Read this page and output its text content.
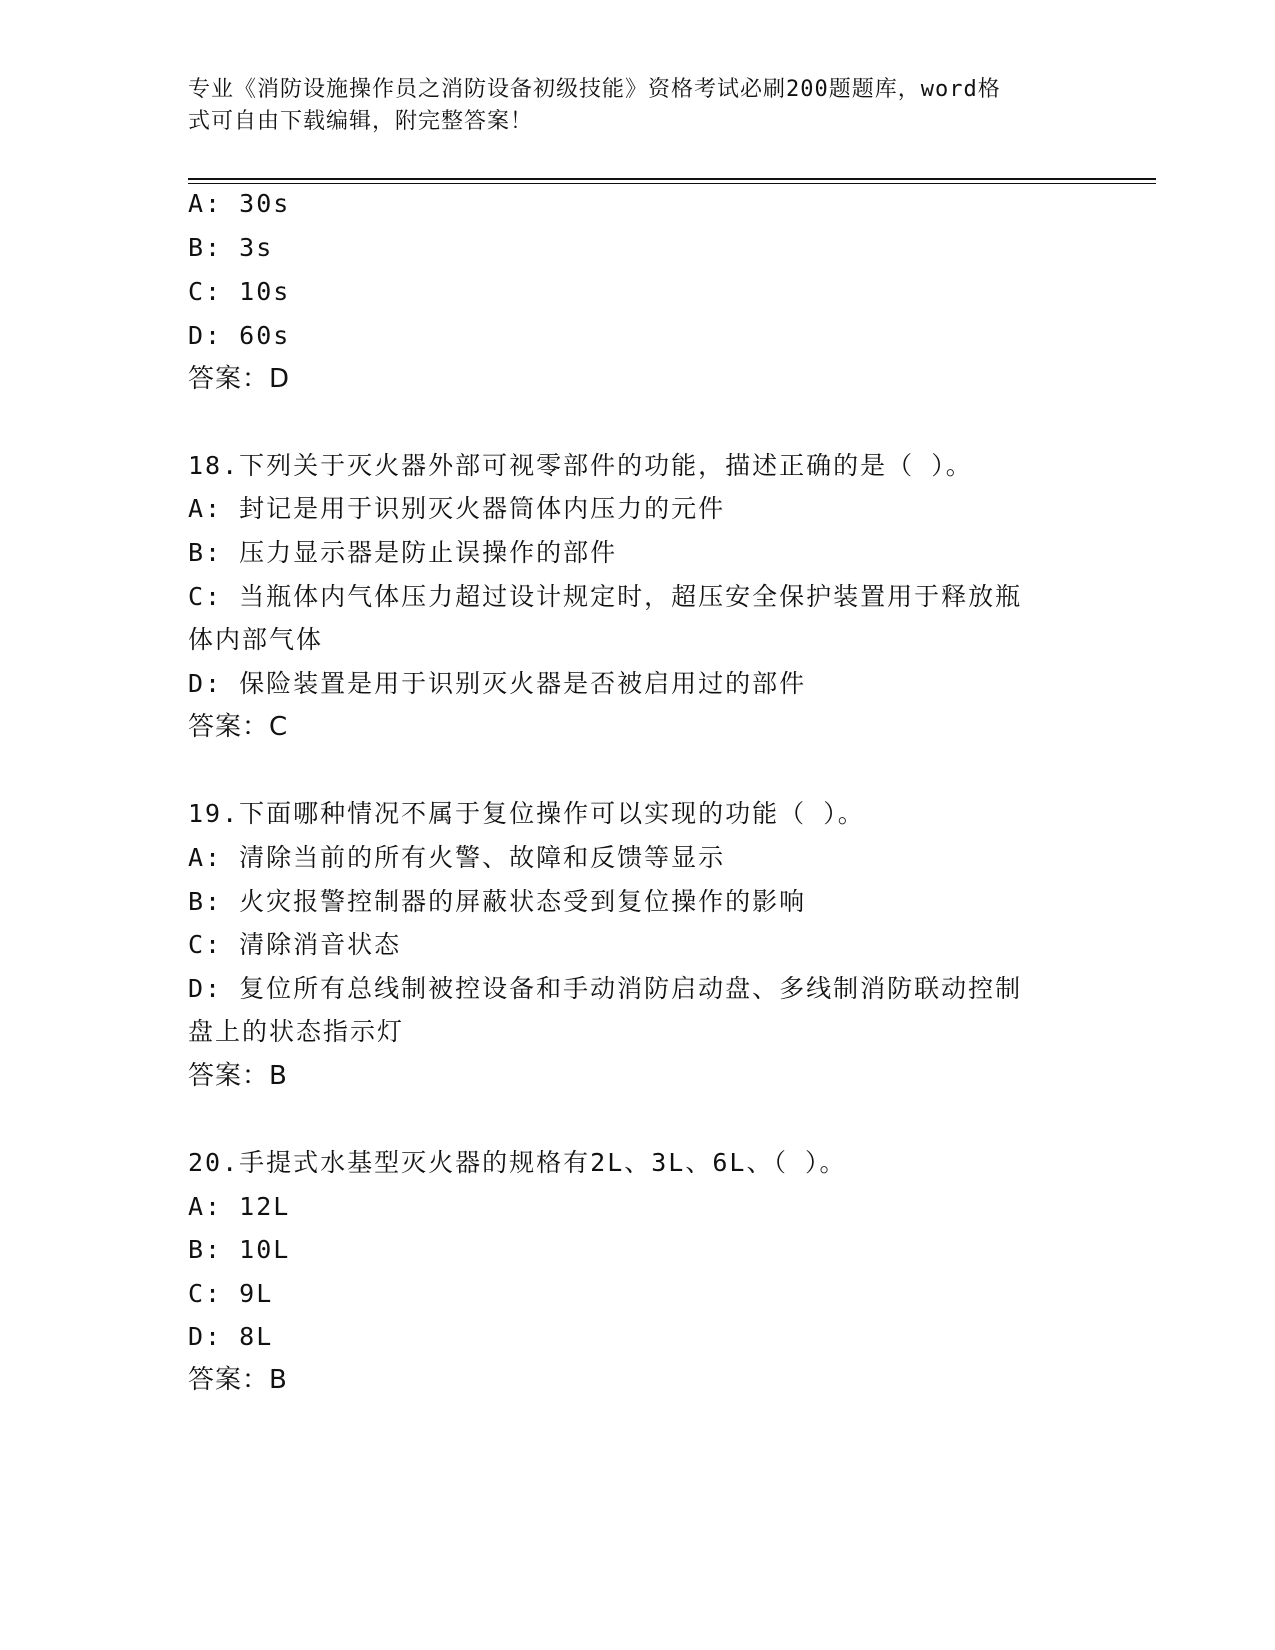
专业《消防设施操作员之消防设备初级技能》资格考试必刷200题题库，word格
式可自由下载编辑，附完整答案！
A: 30s
B: 3s
C: 10s
D: 60s
答案：D
18.下列关于灭火器外部可视零部件的功能，描述正确的是（ ）。
A: 封记是用于识别灭火器筒体内压力的元件
B: 压力显示器是防止误操作的部件
C: 当瓶体内气体压力超过设计规定时，超压安全保护装置用于释放瓶
体内部气体
D: 保险装置是用于识别灭火器是否被启用过的部件
答案：C
19.下面哪种情况不属于复位操作可以实现的功能（ ）。
A: 清除当前的所有火警、故障和反馈等显示
B: 火灾报警控制器的屏蔽状态受到复位操作的影响
C: 清除消音状态
D: 复位所有总线制被控设备和手动消防启动盘、多线制消防联动控制
盘上的状态指示灯
答案：B
20.手提式水基型灭火器的规格有2L、3L、6L、（ ）。
A: 12L
B: 10L
C: 9L
D: 8L
答案：B
